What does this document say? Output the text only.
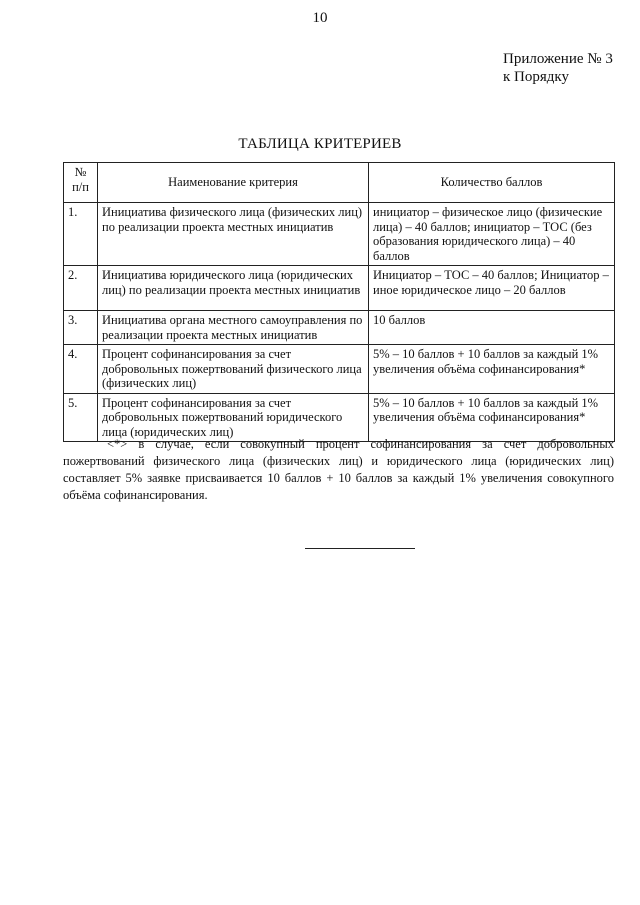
10
Приложение № 3
к Порядку
ТАБЛИЦА КРИТЕРИЕВ
№
п/п	Наименование критерия	Количество баллов
1.	Инициатива физического лица (физических лиц) по реализации проекта местных инициатив	инициатор – физическое лицо (физические лица) – 40 баллов; инициатор – ТОС (без образования юридического лица) – 40 баллов
2.	Инициатива юридического лица (юридических лиц) по реализации проекта местных инициатив	Инициатор – ТОС – 40 баллов; Инициатор – иное юридическое лицо – 20 баллов
3.	Инициатива органа местного самоуправления по реализации проекта местных инициатив	10 баллов
4.	Процент софинансирования за счет добровольных пожертвований физического лица (физических лиц)	5% – 10 баллов + 10 баллов за каждый 1% увеличения объёма софинансирования*
5.	Процент софинансирования за счет добровольных пожертвований юридического лица (юридических лиц)	5% – 10 баллов + 10 баллов за каждый 1% увеличения объёма софинансирования*
<*> в случае, если совокупный процент софинансирования за счет добровольных пожертвований физического лица (физических лиц) и юридического лица (юридических лиц) составляет 5% заявке присваивается 10 баллов + 10 баллов за каждый 1% увеличения совокупного объёма софинансирования.
